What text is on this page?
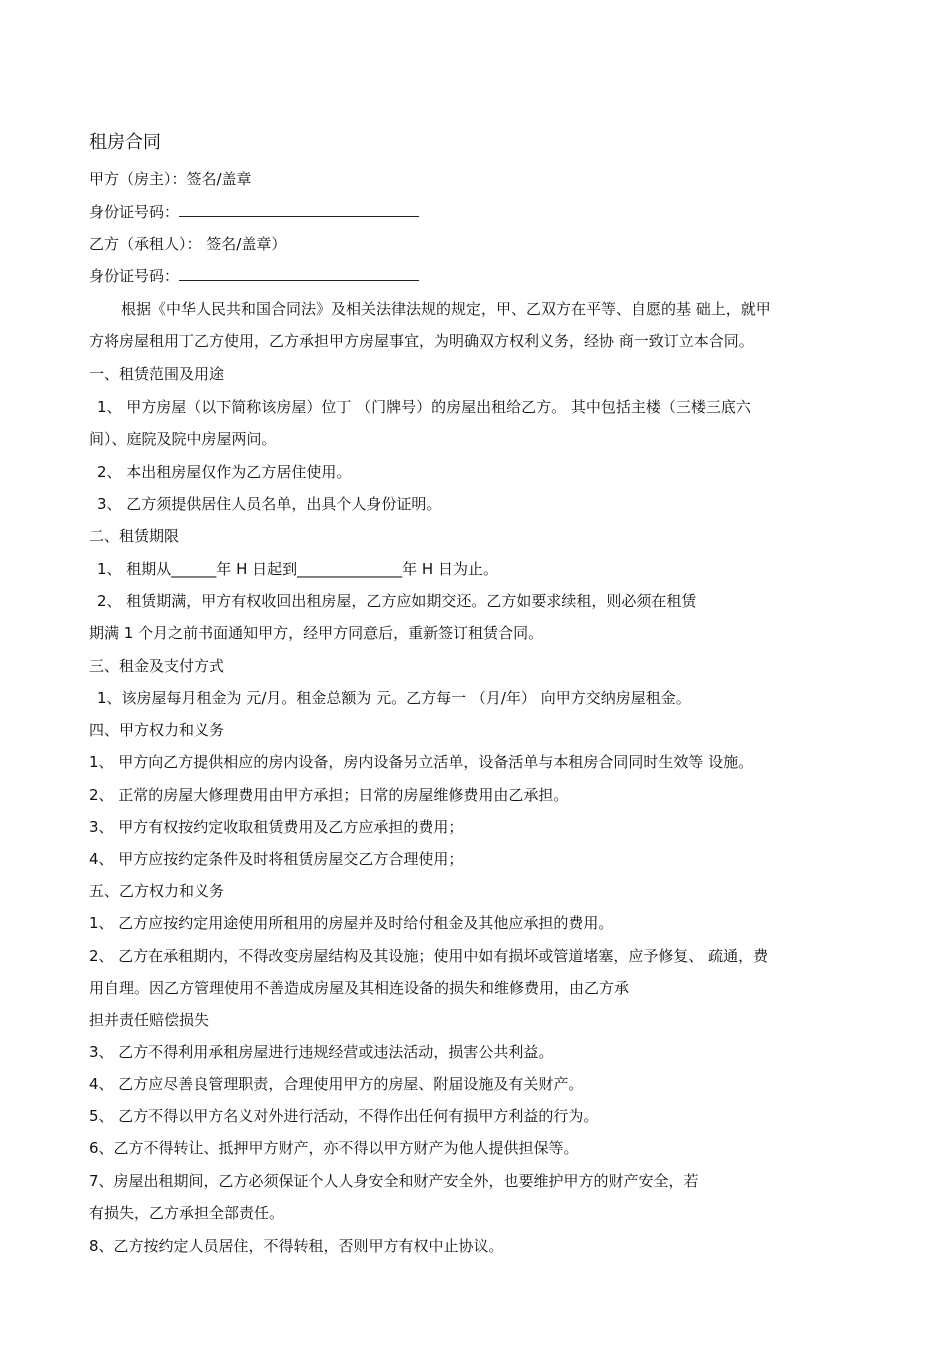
租房合同
甲方（房主）：签名/盖章
身份证号码：
乙方（承租人）： 签名/盖章）
身份证号码：
根据《中华人民共和国合同法》及相关法律法规的规定，甲、乙双方在平等、自愿的基 础上，就甲
方将房屋租用丁乙方使用，乙方承担甲方房屋事宜，为明确双方权利义务，经协 商一致订立本合同。
一、租赁范围及用途
1、 甲方房屋（以下简称该房屋）位丁 （门牌号）的房屋出租给乙方。 其中包括主楼（三楼三底六
间）、庭院及院中房屋两问。
2、 本出租房屋仅作为乙方居住使用。
3、 乙方须提供居住人员名单，出具个人身份证明。
二、租赁期限
1、 租期从______年 H 日起到______________年 H 日为止。
2、 租赁期满，甲方有权收回出租房屋，乙方应如期交还。乙方如要求续租，则必须在租赁
期满 1 个月之前书面通知甲方，经甲方同意后，重新签订租赁合同。
三、租金及支付方式
1、该房屋每月租金为 元/月。租金总额为 元。乙方每一 （月/年） 向甲方交纳房屋租金。
四、甲方权力和义务
1、 甲方向乙方提供相应的房内设备，房内设备另立活单，设备活单与本租房合同同时生效等 设施。
2、 正常的房屋大修理费用由甲方承担；日常的房屋维修费用由乙承担。
3、 甲方有权按约定收取租赁费用及乙方应承担的费用；
4、 甲方应按约定条件及时将租赁房屋交乙方合理使用；
五、乙方权力和义务
1、 乙方应按约定用途使用所租用的房屋并及时给付租金及其他应承担的费用。
2、 乙方在承租期内，不得改变房屋结构及其设施；使用中如有损坏或管道堵塞，应予修复、 疏通，费
用自理。因乙方管理使用不善造成房屋及其相连设备的损失和维修费用，由乙方承
担并责任赔偿损失
3、 乙方不得利用承租房屋进行违规经营或违法活动，损害公共利益。
4、 乙方应尽善良管理职责，合理使用甲方的房屋、附届设施及有关财产。
5、 乙方不得以甲方名义对外进行活动，不得作出任何有损甲方利益的行为。
6、乙方不得转让、抵押甲方财产，亦不得以甲方财产为他人提供担保等。
7、房屋出租期间，乙方必须保证个人人身安全和财产安全外，也要维护甲方的财产安全，若
有损失，乙方承担全部责任。
8、乙方按约定人员居住，不得转租，否则甲方有权中止协议。
